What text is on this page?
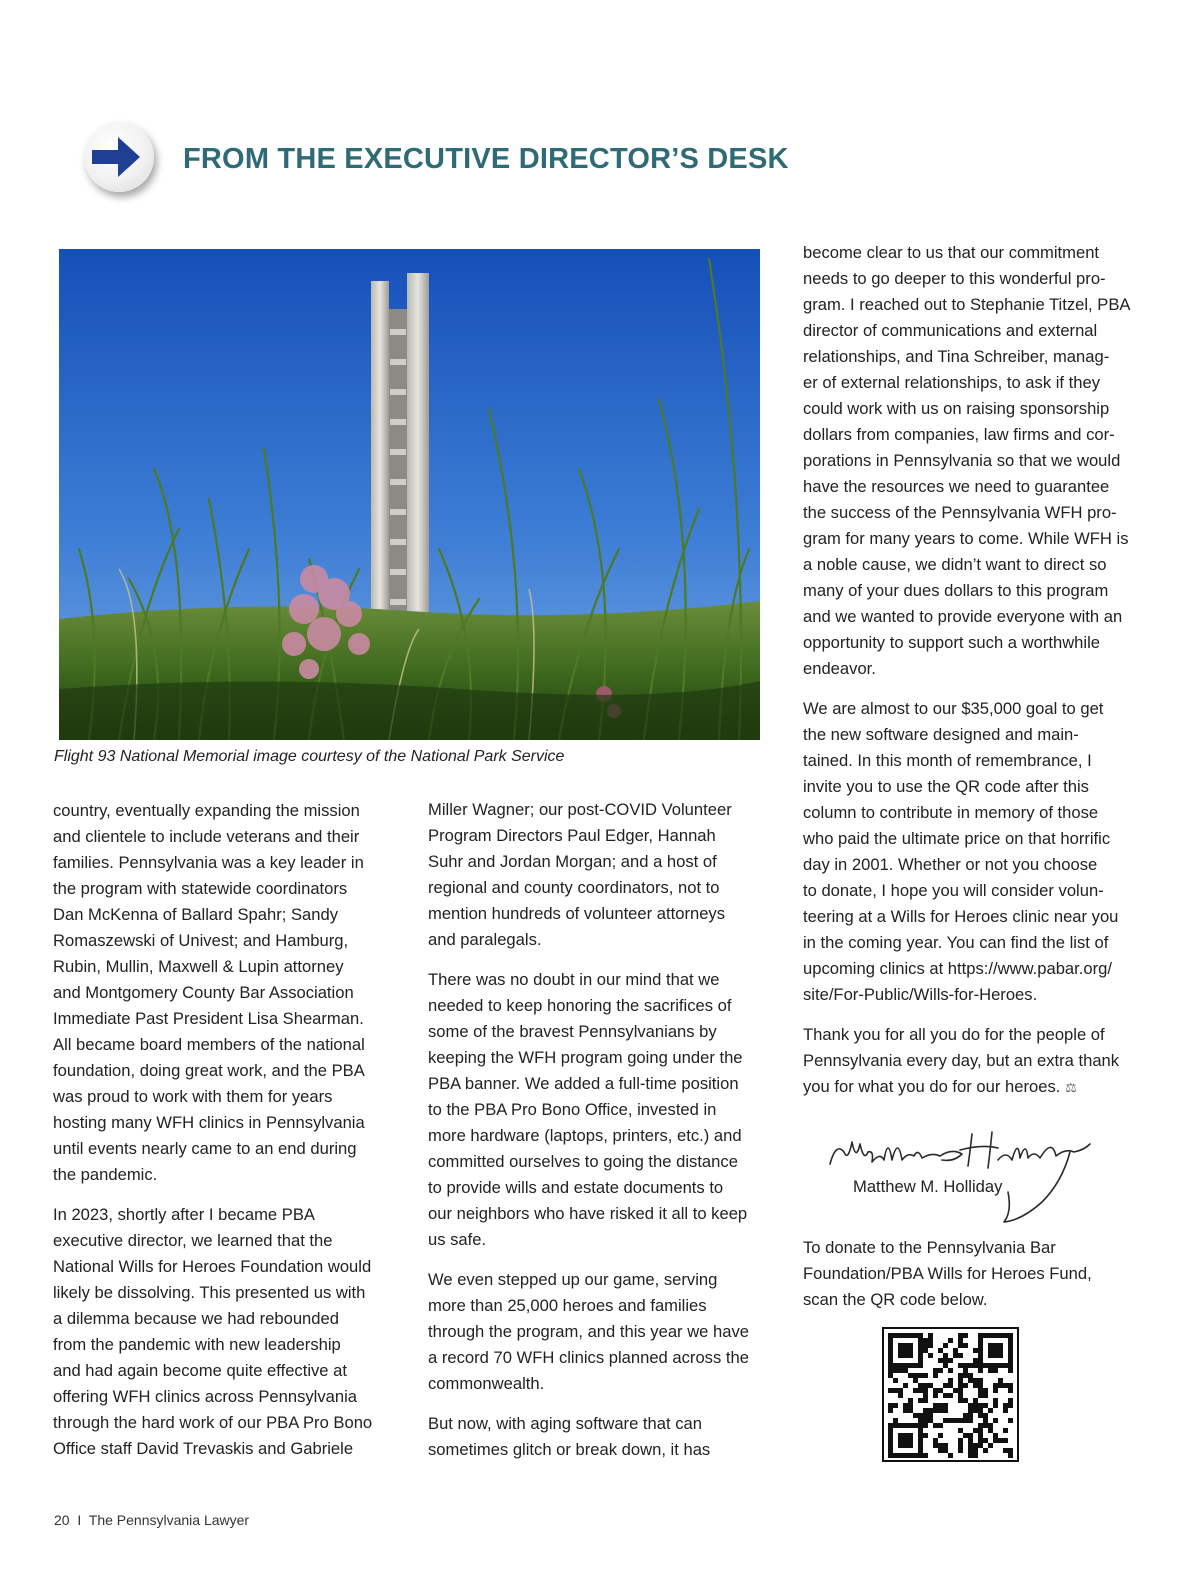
FROM THE EXECUTIVE DIRECTOR’S DESK

Flight 93 National Memorial image courtesy of the National Park Service

country, eventually expanding the mission
and clientele to include veterans and their
families. Pennsylvania was a key leader in
the program with statewide coordinators
Dan McKenna of Ballard Spahr; Sandy
Romaszewski of Univest; and Hamburg,
Rubin, Mullin, Maxwell & Lupin attorney
and Montgomery County Bar Association
Immediate Past President Lisa Shearman.
All became board members of the national
foundation, doing great work, and the PBA
was proud to work with them for years
hosting many WFH clinics in Pennsylvania
until events nearly came to an end during
the pandemic.

In 2023, shortly after I became PBA
executive director, we learned that the
National Wills for Heroes Foundation would
likely be dissolving. This presented us with
a dilemma because we had rebounded
from the pandemic with new leadership
and had again become quite effective at
offering WFH clinics across Pennsylvania
through the hard work of our PBA Pro Bono
Office staff David Trevaskis and Gabriele

Miller Wagner; our post-COVID Volunteer
Program Directors Paul Edger, Hannah
Suhr and Jordan Morgan; and a host of
regional and county coordinators, not to
mention hundreds of volunteer attorneys
and paralegals.

There was no doubt in our mind that we
needed to keep honoring the sacrifices of
some of the bravest Pennsylvanians by
keeping the WFH program going under the
PBA banner. We added a full-time position
to the PBA Pro Bono Office, invested in
more hardware (laptops, printers, etc.) and
committed ourselves to going the distance
to provide wills and estate documents to
our neighbors who have risked it all to keep
us safe.

We even stepped up our game, serving
more than 25,000 heroes and families
through the program, and this year we have
a record 70 WFH clinics planned across the
commonwealth.

But now, with aging software that can
sometimes glitch or break down, it has

become clear to us that our commitment
needs to go deeper to this wonderful pro-
gram. I reached out to Stephanie Titzel, PBA
director of communications and external
relationships, and Tina Schreiber, manag-
er of external relationships, to ask if they
could work with us on raising sponsorship
dollars from companies, law firms and cor-
porations in Pennsylvania so that we would
have the resources we need to guarantee
the success of the Pennsylvania WFH pro-
gram for many years to come. While WFH is
a noble cause, we didn’t want to direct so
many of your dues dollars to this program
and we wanted to provide everyone with an
opportunity to support such a worthwhile
endeavor.

We are almost to our $35,000 goal to get
the new software designed and main-
tained. In this month of remembrance, I
invite you to use the QR code after this
column to contribute in memory of those
who paid the ultimate price on that horrific
day in 2001. Whether or not you choose
to donate, I hope you will consider volun-
teering at a Wills for Heroes clinic near you
in the coming year. You can find the list of
upcoming clinics at https://www.pabar.org/
site/For-Public/Wills-for-Heroes.

Thank you for all you do for the people of
Pennsylvania every day, but an extra thank
you for what you do for our heroes. ⚖

Matthew M. Holliday

To donate to the Pennsylvania Bar
Foundation/PBA Wills for Heroes Fund,
scan the QR code below.

20 I The Pennsylvania Lawyer
